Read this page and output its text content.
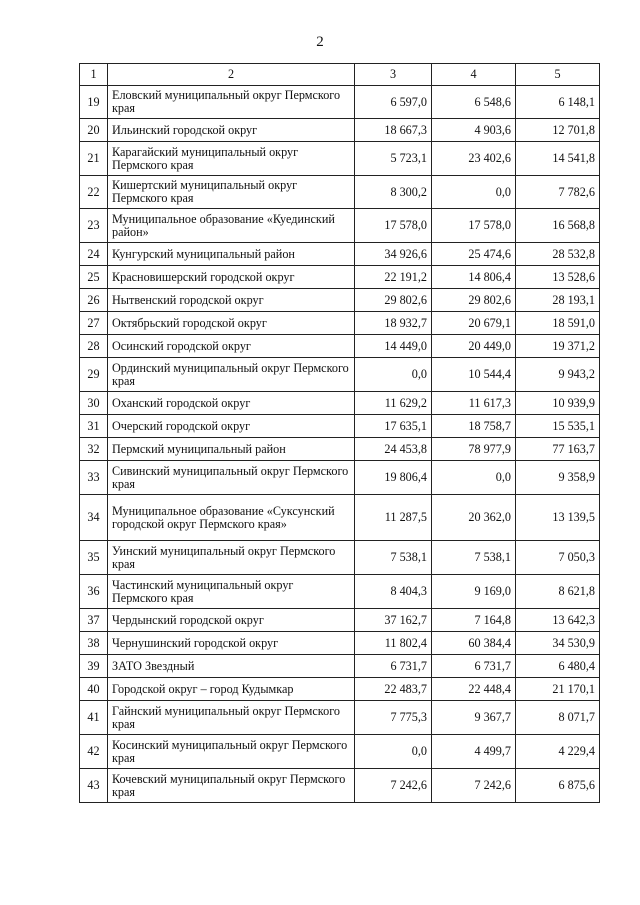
2
1	2	3	4	5
19	Еловский муниципальный округ Пермского края	6 597,0	6 548,6	6 148,1
20	Ильинский городской округ	18 667,3	4 903,6	12 701,8
21	Карагайский муниципальный округ Пермского края	5 723,1	23 402,6	14 541,8
22	Кишертский муниципальный округ Пермского края	8 300,2	0,0	7 782,6
23	Муниципальное образование «Куединский район»	17 578,0	17 578,0	16 568,8
24	Кунгурский муниципальный район	34 926,6	25 474,6	28 532,8
25	Красновишерский городской округ	22 191,2	14 806,4	13 528,6
26	Нытвенский городской округ	29 802,6	29 802,6	28 193,1
27	Октябрьский городской округ	18 932,7	20 679,1	18 591,0
28	Осинский городской округ	14 449,0	20 449,0	19 371,2
29	Ординский муниципальный округ Пермского края	0,0	10 544,4	9 943,2
30	Оханский городской округ	11 629,2	11 617,3	10 939,9
31	Очерский городской округ	17 635,1	18 758,7	15 535,1
32	Пермский муниципальный район	24 453,8	78 977,9	77 163,7
33	Сивинский муниципальный округ Пермского края	19 806,4	0,0	9 358,9
34	Муниципальное образование «Суксунский городской округ Пермского края»	11 287,5	20 362,0	13 139,5
35	Уинский муниципальный округ Пермского края	7 538,1	7 538,1	7 050,3
36	Частинский муниципальный округ Пермского края	8 404,3	9 169,0	8 621,8
37	Чердынский городской округ	37 162,7	7 164,8	13 642,3
38	Чернушинский городской округ	11 802,4	60 384,4	34 530,9
39	ЗАТО Звездный	6 731,7	6 731,7	6 480,4
40	Городской округ – город Кудымкар	22 483,7	22 448,4	21 170,1
41	Гайнский муниципальный округ Пермского края	7 775,3	9 367,7	8 071,7
42	Косинский муниципальный округ Пермского края	0,0	4 499,7	4 229,4
43	Кочевский муниципальный округ Пермского края	7 242,6	7 242,6	6 875,6
